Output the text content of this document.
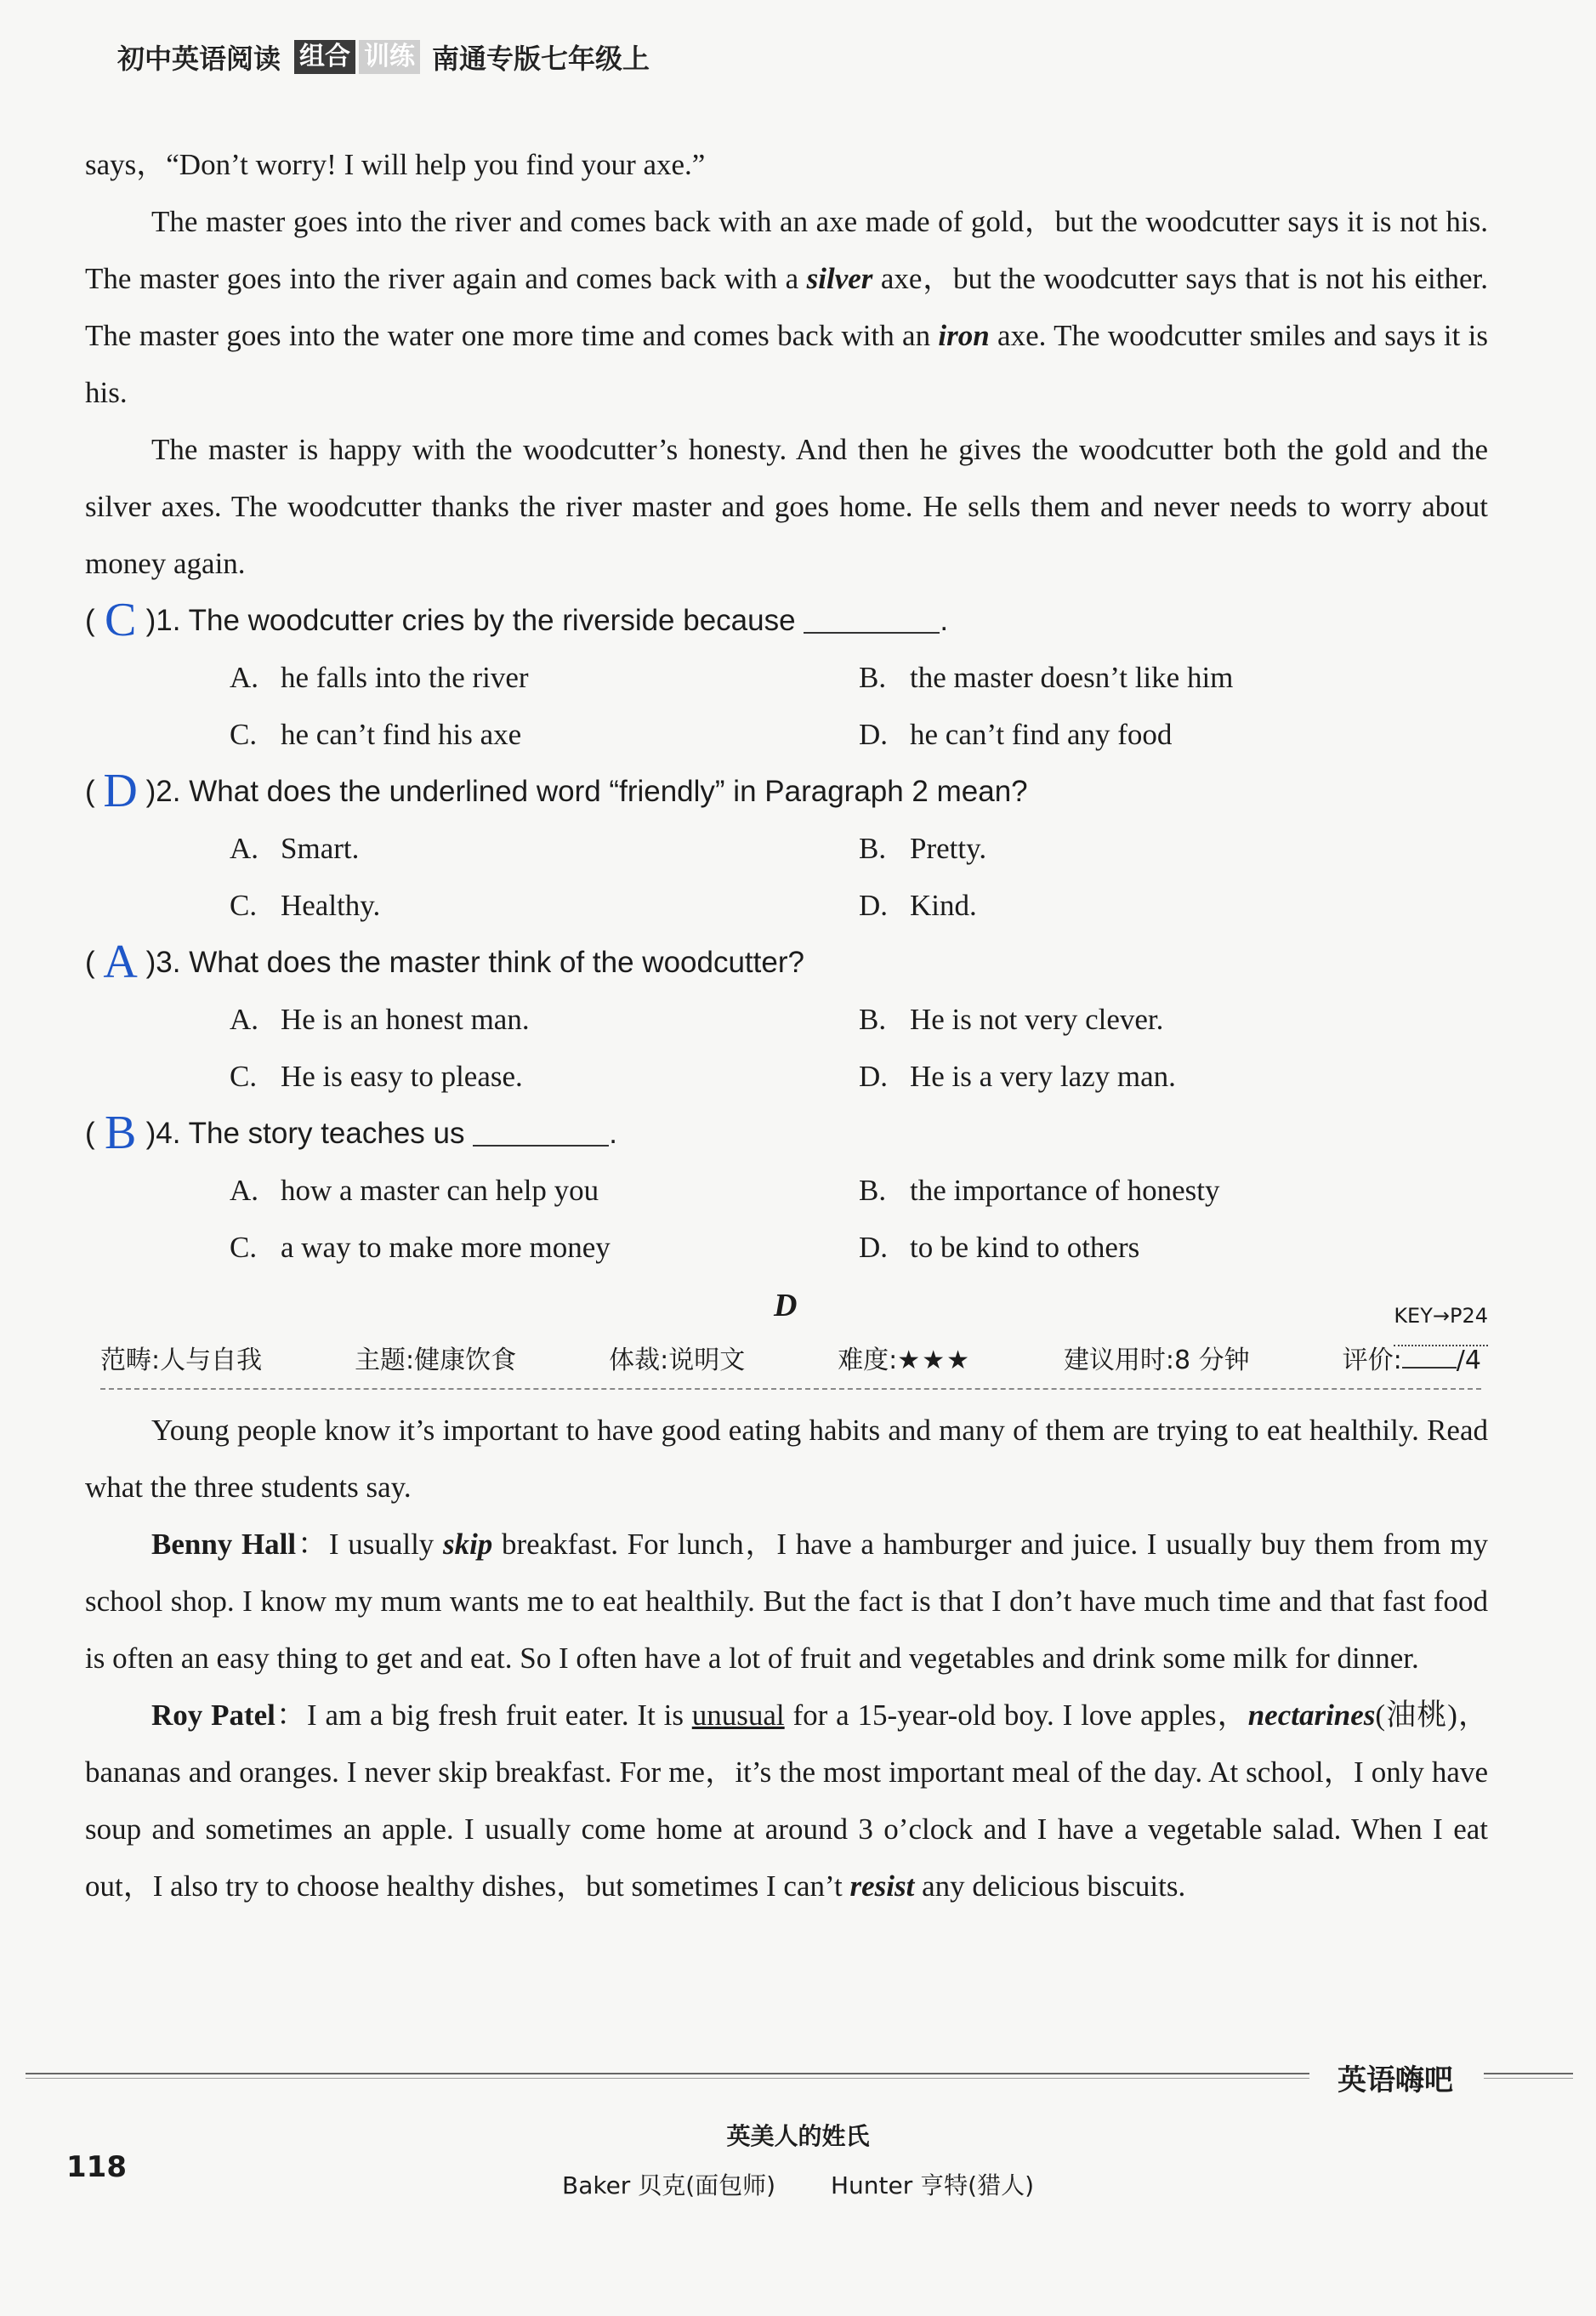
初中英语阅读 组合 训练 南通专版七年级上

says，“Don’t worry! I will help you find your axe.”

The master goes into the river and comes back with an axe made of gold，but the woodcutter says it is not his. The master goes into the river again and comes back with a silver axe，but the woodcutter says that is not his either. The master goes into the water one more time and comes back with an iron axe. The woodcutter smiles and says it is his.

The master is happy with the woodcutter’s honesty. And then he gives the woodcutter both the gold and the silver axes. The woodcutter thanks the river master and goes home. He sells them and never needs to worry about money again.

( C )1. The woodcutter cries by the riverside because	.
A. he falls into the river	B. the master doesn’t like him
C. he can’t find his axe	D. he can’t find any food
( D )2. What does the underlined word “friendly” in Paragraph 2 mean?
A. Smart.	B. Pretty.
C. Healthy.	D. Kind.
( A )3. What does the master think of the woodcutter?
A. He is an honest man.	B. He is not very clever.
C. He is easy to please.	D. He is a very lazy man.
( B )4. The story teaches us	.
A. how a master can help you	B. the importance of honesty
C. a way to make more money	D. to be kind to others
D	KEY→P24
范畴:人与自我	主题:健康饮食	体裁:说明文	难度:★★★	建议用时:8 分钟	评价: /4

Young people know it’s important to have good eating habits and many of them are trying to eat healthily. Read what the three students say.

Benny Hall：I usually skip breakfast. For lunch，I have a hamburger and juice. I usually buy them from my school shop. I know my mum wants me to eat healthily. But the fact is that I don’t have much time and that fast food is often an easy thing to get and eat. So I often have a lot of fruit and vegetables and drink some milk for dinner.

Roy Patel：I am a big fresh fruit eater. It is unusual for a 15-year-old boy. I love apples，nectarines(油桃)，bananas and oranges. I never skip breakfast. For me，it’s the most important meal of the day. At school，I only have soup and sometimes an apple. I usually come home at around 3 o’clock and I have a vegetable salad. When I eat out，I also try to choose healthy dishes，but sometimes I can’t resist any delicious biscuits.

英语嗨吧
118
英美人的姓氏
Baker 贝克(面包师) Hunter 亨特(猎人)
